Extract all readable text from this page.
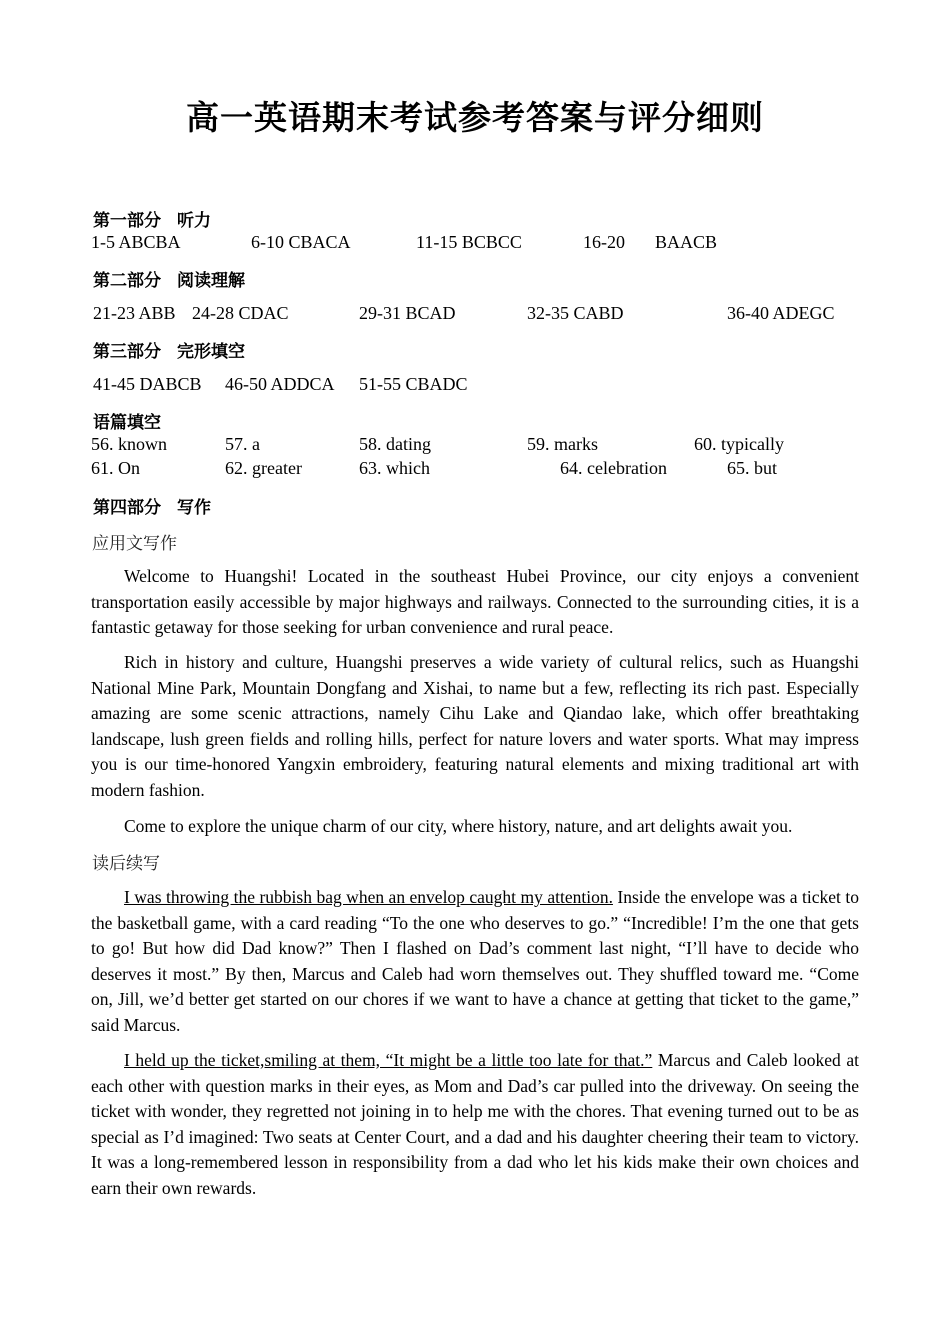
高一英语期末考试参考答案与评分细则
第一部分 听力
1-5 ABCBA	6-10 CBACA	11-15 BCBCC	16-20 BAACB
第二部分 阅读理解
21-23 ABB 24-28 CDAC	29-31 BCAD	32-35 CABD	36-40 ADEGC
第三部分 完形填空
41-45 DABCB 46-50 ADDCA 51-55 CBADC
语篇填空
56. known	57. a	58. dating	59. marks	60. typically
61. On	62. greater	63. which	64. celebration	65. but
第四部分 写作
应用文写作

Welcome to Huangshi! Located in the southeast Hubei Province, our city enjoys a convenient transportation easily accessible by major highways and railways. Connected to the surrounding cities, it is a fantastic getaway for those seeking for urban convenience and rural peace.

Rich in history and culture, Huangshi preserves a wide variety of cultural relics, such as Huangshi National Mine Park, Mountain Dongfang and Xishai, to name but a few, reflecting its rich past. Especially amazing are some scenic attractions, namely Cihu Lake and Qiandao lake, which offer breathtaking landscape, lush green fields and rolling hills, perfect for nature lovers and water sports. What may impress you is our time-honored Yangxin embroidery, featuring natural elements and mixing traditional art with modern fashion.

Come to explore the unique charm of our city, where history, nature, and art delights await you.

读后续写

I was throwing the rubbish bag when an envelop caught my attention. Inside the envelope was a ticket to the basketball game, with a card reading “To the one who deserves to go.” “Incredible! I’m the one that gets to go! But how did Dad know?” Then I flashed on Dad’s comment last night, “I’ll have to decide who deserves it most.” By then, Marcus and Caleb had worn themselves out. They shuffled toward me. “Come on, Jill, we’d better get started on our chores if we want to have a chance at getting that ticket to the game,” said Marcus.

I held up the ticket,smiling at them, “It might be a little too late for that.” Marcus and Caleb looked at each other with question marks in their eyes, as Mom and Dad’s car pulled into the driveway. On seeing the ticket with wonder, they regretted not joining in to help me with the chores. That evening turned out to be as special as I’d imagined: Two seats at Center Court, and a dad and his daughter cheering their team to victory. It was a long-remembered lesson in responsibility from a dad who let his kids make their own choices and earn their own rewards.
